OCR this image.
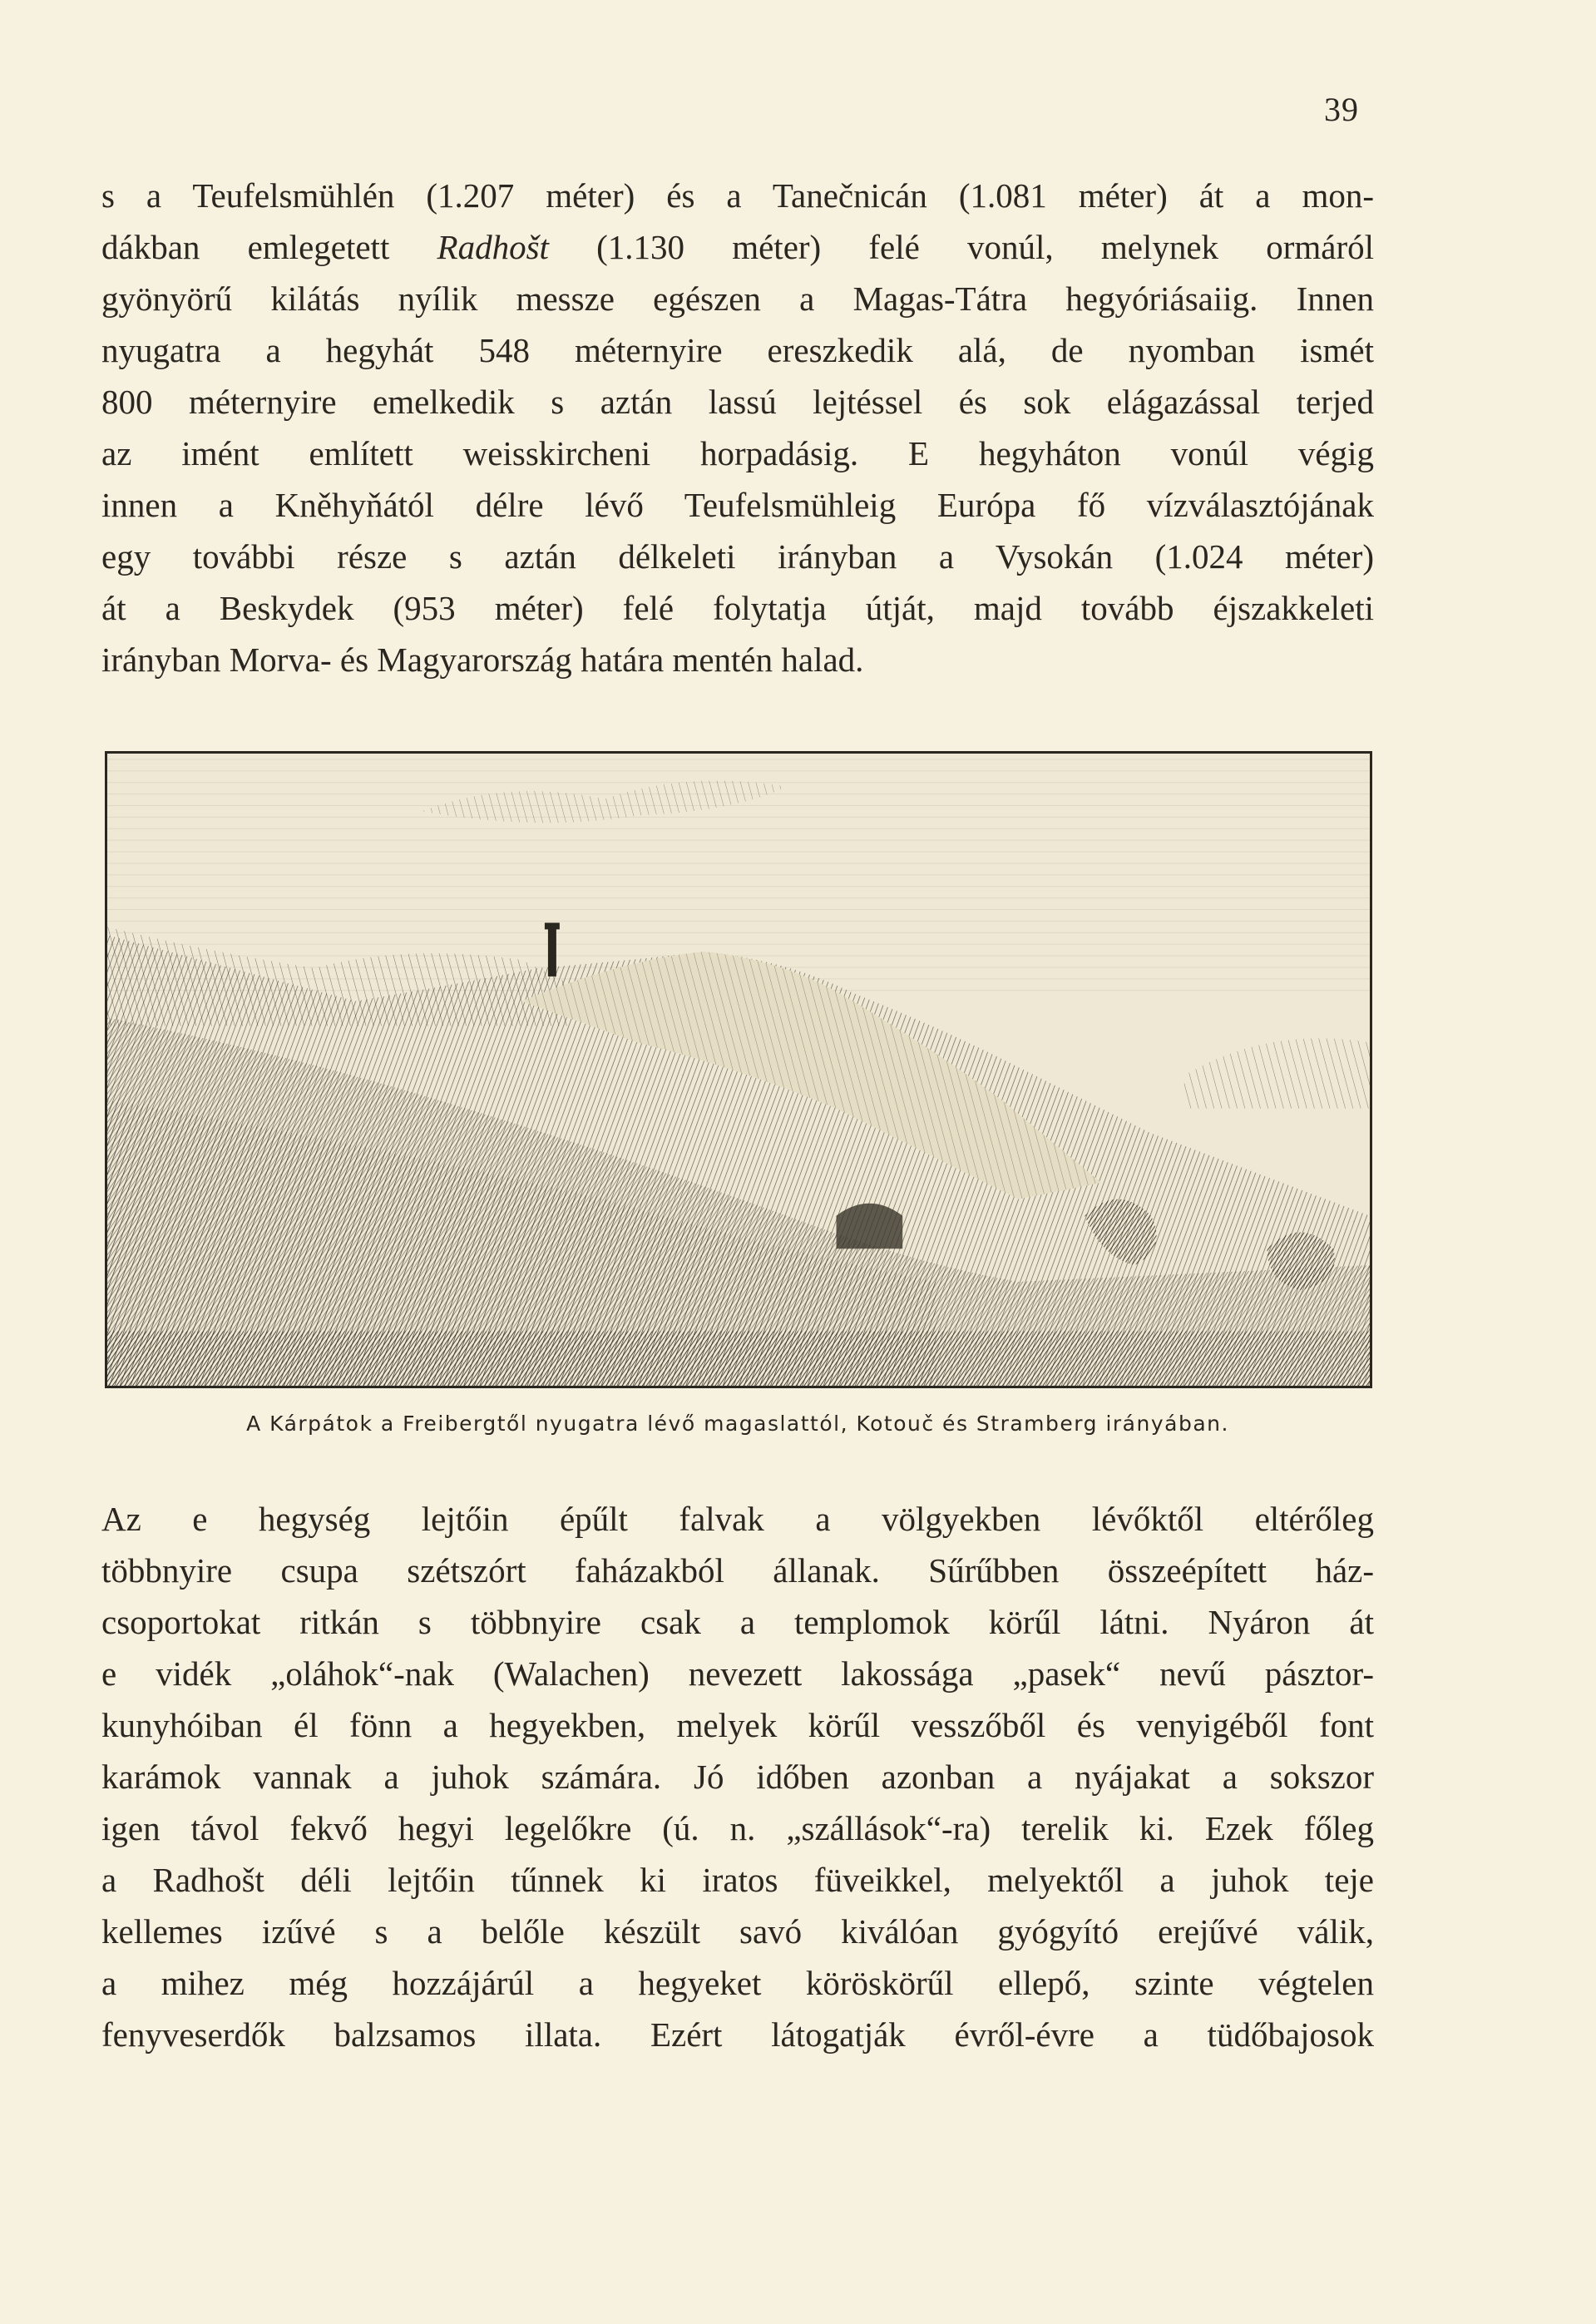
39
s a Teufelsmühlén (1.207 méter) és a Tanečnicán (1.081 méter) át a mon-
dákban emlegetett Radhošt (1.130 méter) felé vonúl, melynek ormáról
gyönyörű kilátás nyílik messze egészen a Magas-Tátra hegyóriásaiig. Innen
nyugatra a hegyhát 548 méternyire ereszkedik alá, de nyomban ismét
800 méternyire emelkedik s aztán lassú lejtéssel és sok elágazással terjed
az imént említett weisskircheni horpadásig. E hegyháton vonúl végig
innen a Kněhyňától délre lévő Teufelsmühleig Európa fő vízválasztójának
egy további része s aztán délkeleti irányban a Vysokán (1.024 méter)
át a Beskydek (953 méter) felé folytatja útját, majd tovább éjszakkeleti
irányban Morva- és Magyarország határa mentén halad.
A Kárpátok a Freibergtől nyugatra lévő magaslattól, Kotouč és Stramberg irányában.
Az e hegység lejtőin épűlt falvak a völgyekben lévőktől eltérőleg
többnyire csupa szétszórt faházakból állanak. Sűrűbben összeépített ház-
csoportokat ritkán s többnyire csak a templomok körűl látni. Nyáron át
e vidék „oláhok“-nak (Walachen) nevezett lakossága „pasek“ nevű pásztor-
kunyhóiban él fönn a hegyekben, melyek körűl vesszőből és venyigéből font
karámok vannak a juhok számára. Jó időben azonban a nyájakat a sokszor
igen távol fekvő hegyi legelőkre (ú. n. „szállások“-ra) terelik ki. Ezek főleg
a Radhošt déli lejtőin tűnnek ki iratos füveikkel, melyektől a juhok teje
kellemes izűvé s a belőle készült savó kiválóan gyógyító erejűvé válik,
a mihez még hozzájárúl a hegyeket köröskörűl ellepő, szinte végtelen
fenyveserdők balzsamos illata. Ezért látogatják évről-évre a tüdőbajosok
